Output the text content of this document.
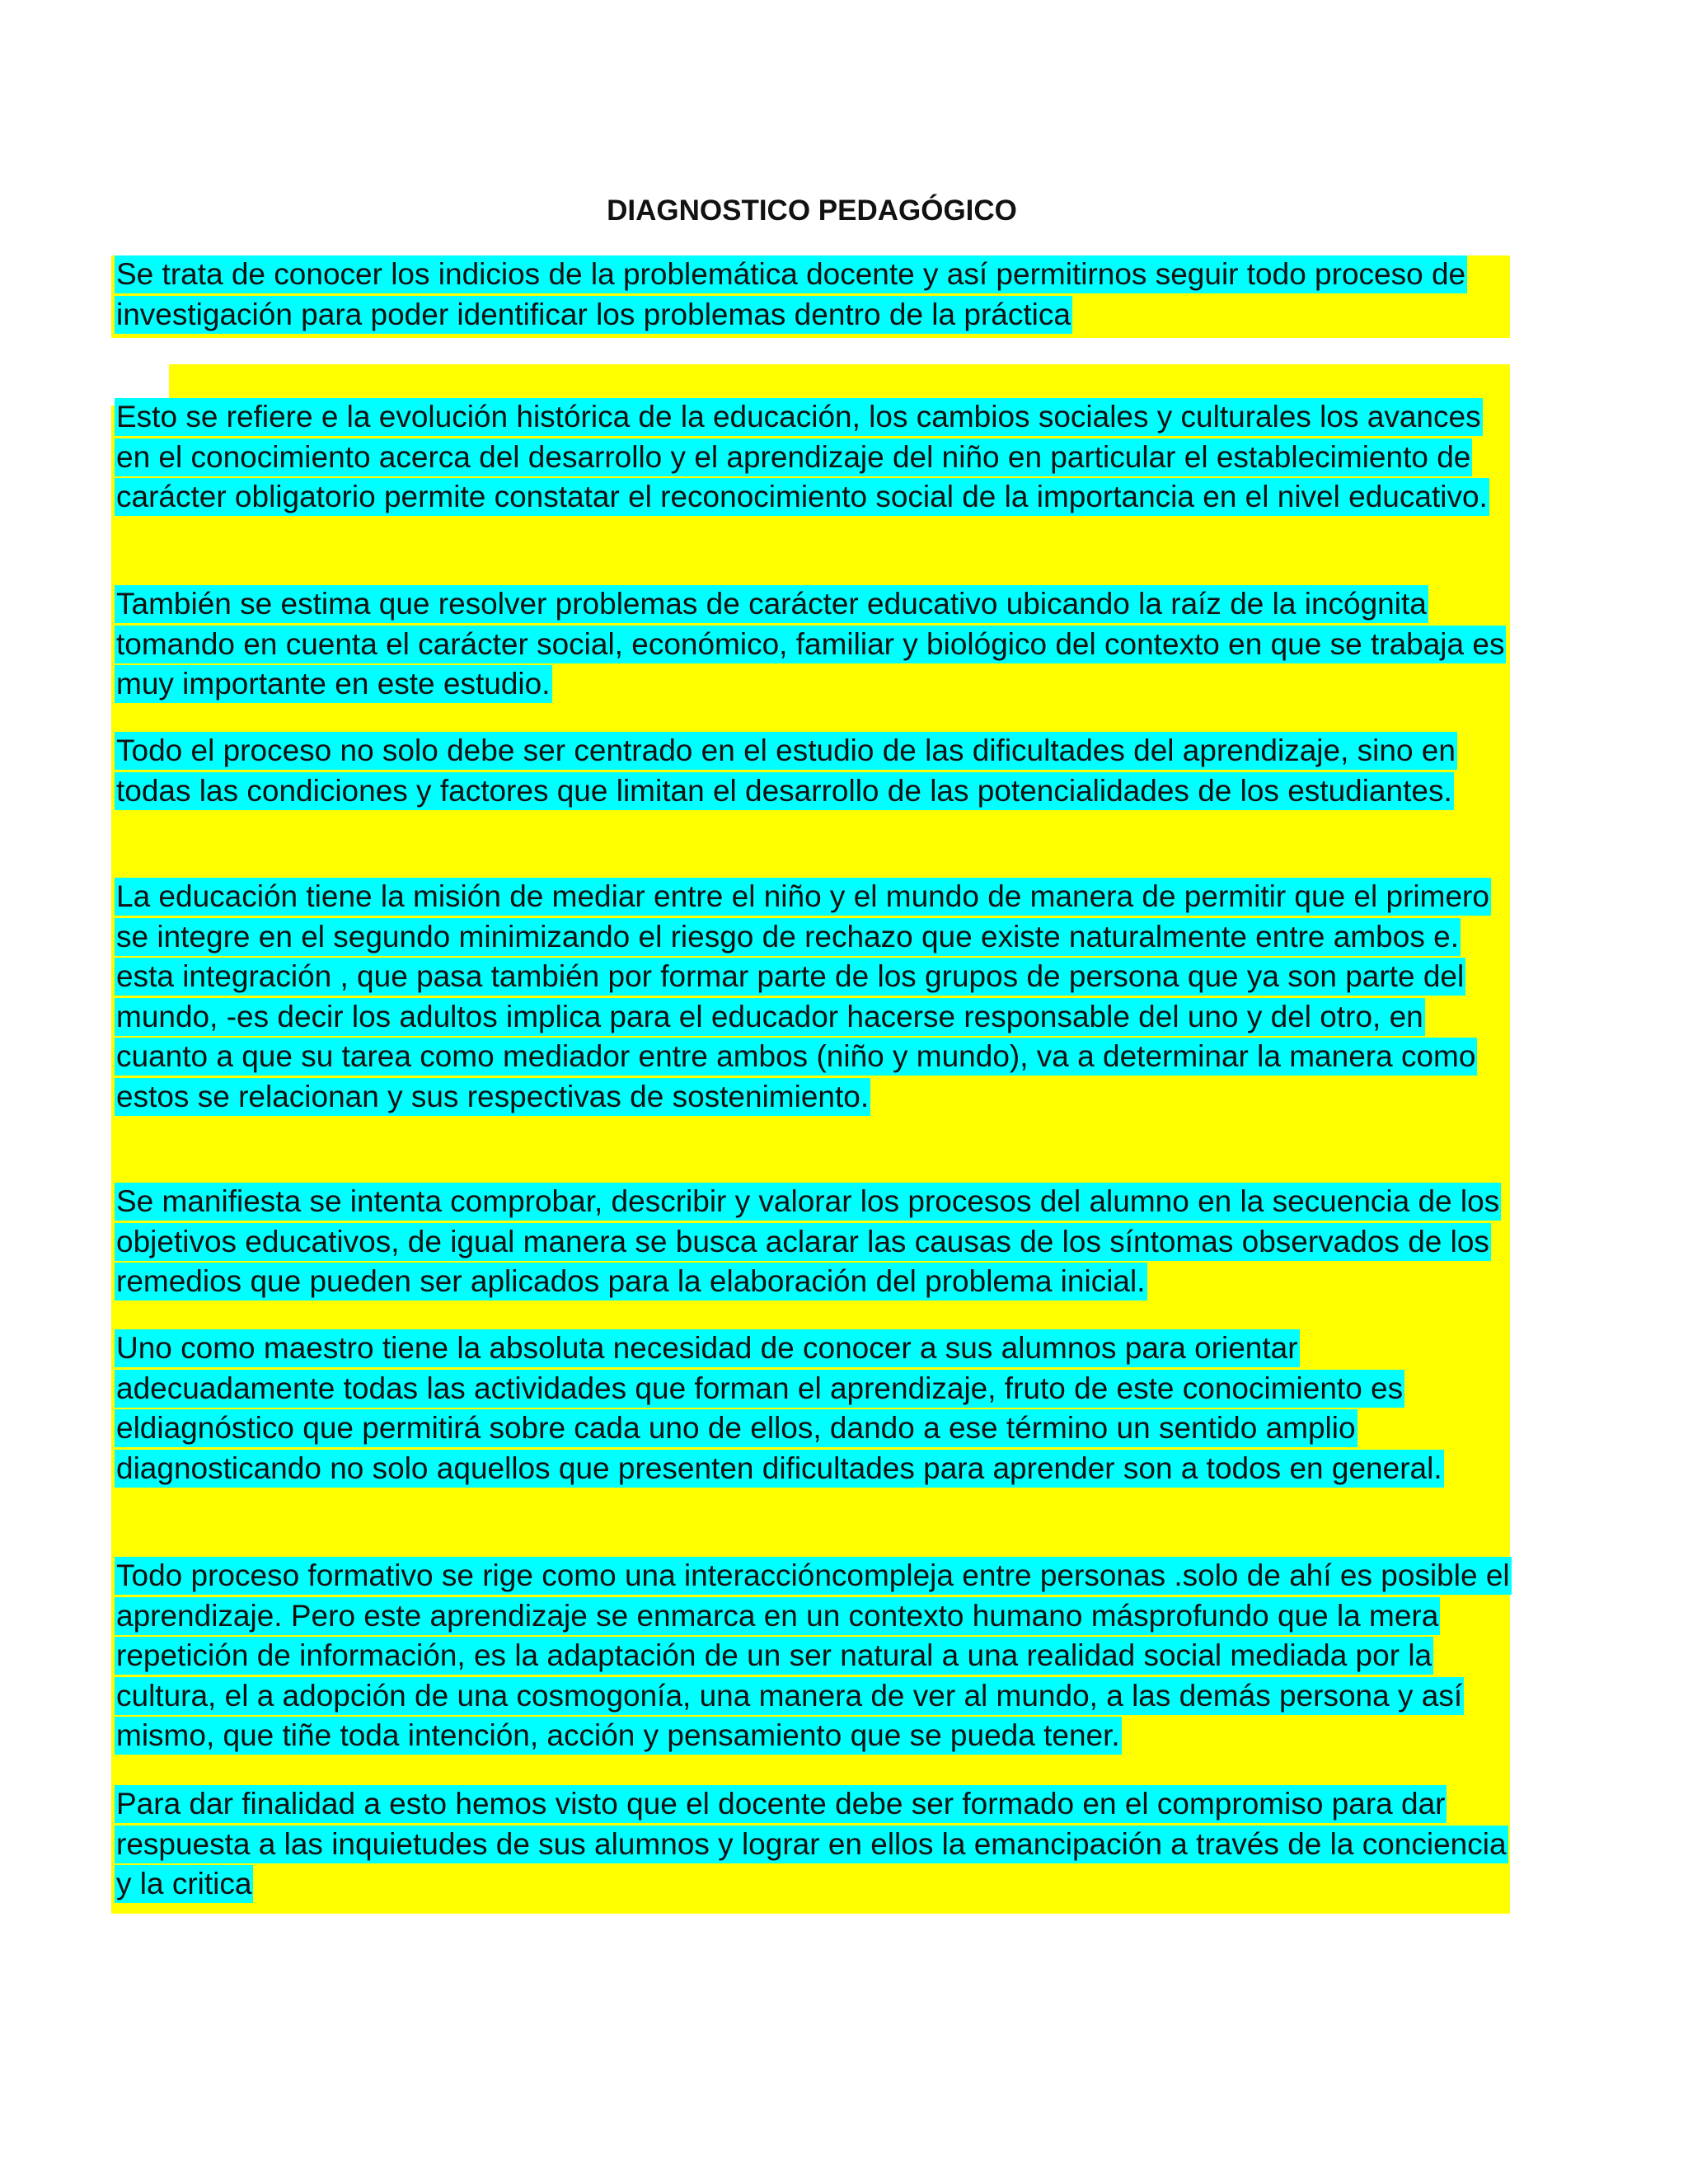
DIAGNOSTICO PEDAGÓGICO

Se trata de conocer los indicios de la problemática docente y así permitirnos seguir todo proceso de investigación para poder identificar los problemas dentro de la práctica

Esto se refiere e la evolución histórica de la educación, los cambios sociales y culturales los avances en el conocimiento acerca del desarrollo y el aprendizaje del niño en particular el establecimiento de carácter obligatorio permite constatar el reconocimiento social de la importancia en el nivel educativo.

También se estima que resolver problemas de carácter educativo ubicando la raíz de la incógnita tomando en cuenta el carácter social, económico, familiar y biológico del contexto en que se trabaja es muy importante en este estudio.

Todo el proceso no solo debe ser centrado en el estudio de las dificultades del aprendizaje, sino en todas las condiciones y factores que limitan el desarrollo de las potencialidades de los estudiantes.

La educación tiene la misión de mediar entre el niño y el mundo de manera de permitir que el primero se integre en el segundo minimizando el riesgo de rechazo que existe naturalmente entre ambos e. esta integración , que pasa también por formar parte de los grupos de persona que ya son parte del mundo, -es decir los adultos implica para el educador hacerse responsable del uno y del otro, en cuanto a que su tarea como mediador entre ambos (niño y mundo), va a determinar la manera como estos se relacionan y sus respectivas de sostenimiento.

Se manifiesta se intenta comprobar, describir y valorar los procesos del alumno en la secuencia de los objetivos educativos, de igual manera se busca aclarar las causas de los síntomas observados de los remedios que pueden ser aplicados para la elaboración del problema inicial.

Uno como maestro tiene la absoluta necesidad de conocer a sus alumnos para orientar adecuadamente todas las actividades que forman el aprendizaje, fruto de este conocimiento es eldiagnóstico que permitirá sobre cada uno de ellos, dando a ese término un sentido amplio diagnosticando no solo aquellos que presenten dificultades para aprender son a todos en general.

Todo proceso formativo se rige como una interaccióncompleja entre personas .solo de ahí es posible el aprendizaje. Pero este aprendizaje se enmarca en un contexto humano másprofundo que la mera repetición de información, es la adaptación de un ser natural a una realidad social mediada por la cultura, el a adopción de una cosmogonía, una manera de ver al mundo, a las demás persona y así mismo, que tiñe toda intención, acción y pensamiento que se pueda tener.

Para dar finalidad a esto hemos visto que el docente debe ser formado en el compromiso para dar respuesta a las inquietudes de sus alumnos y lograr en ellos la emancipación a través de la conciencia y la critica
